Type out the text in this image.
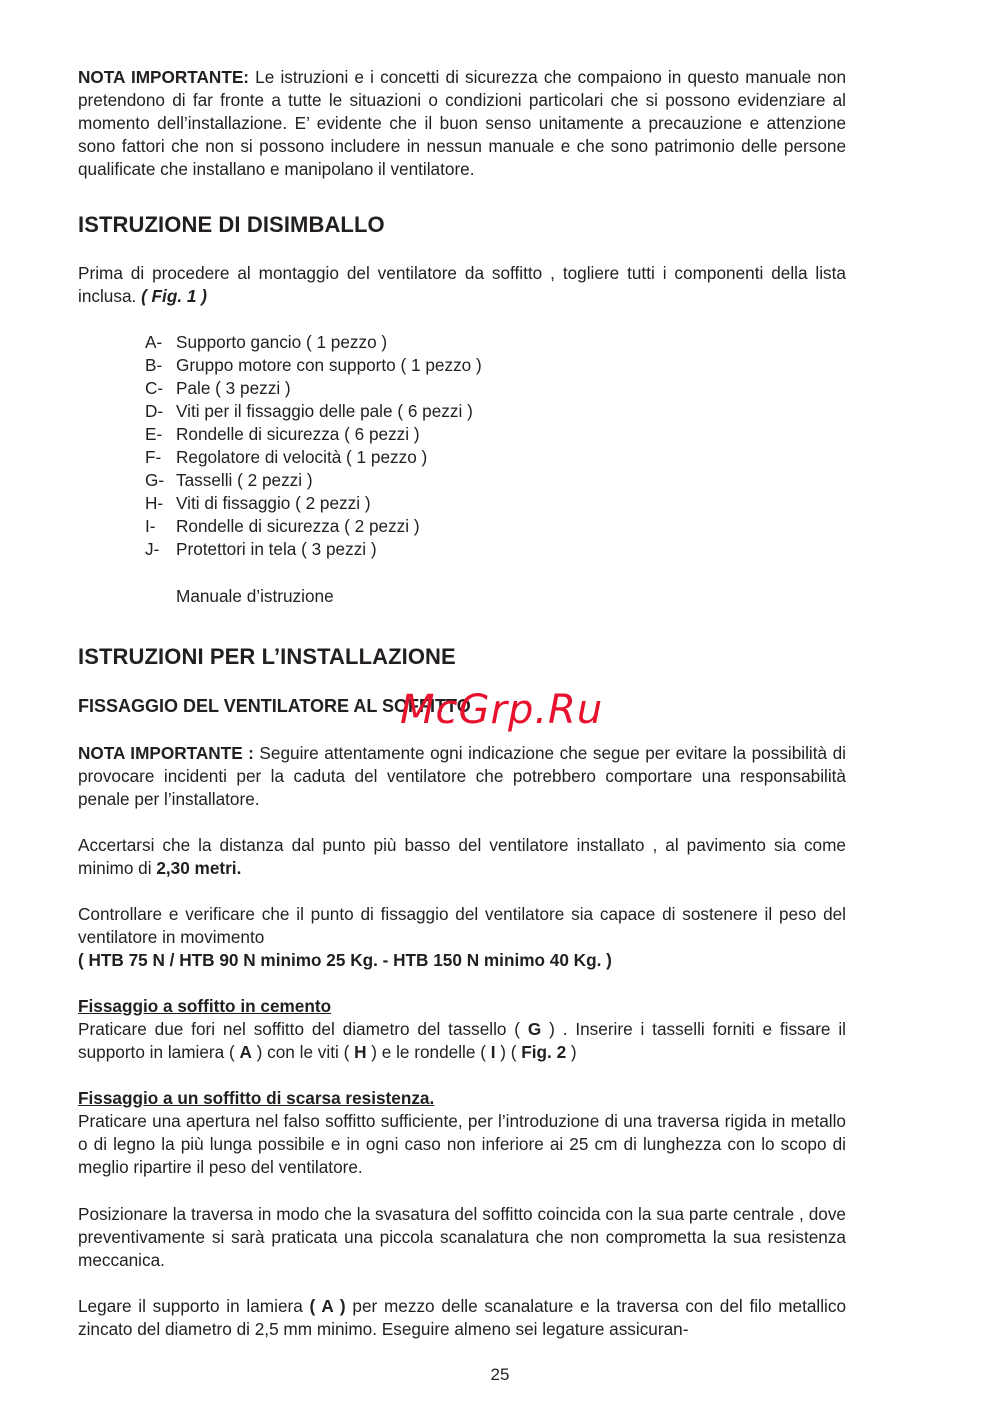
NOTA IMPORTANTE: Le istruzioni e i concetti di sicurezza che compaiono in questo manuale non pretendono di far fronte a tutte le situazioni o condizioni particolari che si possono evidenziare al momento dell’installazione. E’ evidente che il buon senso unitamente a precauzione e attenzione sono fattori che non si possono includere in nessun manuale e che sono patrimonio delle persone qualificate che installano e manipolano il ventilatore.

ISTRUZIONE DI DISIMBALLO

Prima di procedere al montaggio del ventilatore da soffitto , togliere tutti i componenti della lista inclusa. ( Fig. 1 )

A- Supporto gancio ( 1 pezzo )
B- Gruppo motore con supporto ( 1 pezzo )
C- Pale ( 3 pezzi )
D- Viti per il fissaggio delle pale ( 6 pezzi )
E- Rondelle di sicurezza ( 6 pezzi )
F- Regolatore di velocità ( 1 pezzo )
G- Tasselli ( 2 pezzi )
H- Viti di fissaggio ( 2 pezzi )
I-	Rondelle di sicurezza ( 2 pezzi )
J- Protettori in tela ( 3 pezzi )
Manuale d’istruzione
ISTRUZIONI PER L’INSTALLAZIONE
FISSAGGIO DEL VENTILATORE AL SOFFITTO

NOTA IMPORTANTE : Seguire attentamente ogni indicazione che segue per evitare la possibilità di provocare incidenti per la caduta del ventilatore che potrebbero comportare una responsabilità penale per l’installatore.

Accertarsi che la distanza dal punto più basso del ventilatore installato , al pavimento sia come minimo di 2,30 metri.

Controllare e verificare che il punto di fissaggio del ventilatore sia capace di sostenere il peso del ventilatore in movimento

( HTB 75 N / HTB 90 N minimo 25 Kg. - HTB 150 N minimo 40 Kg. )

Fissaggio a soffitto in cemento

Praticare due fori nel soffitto del diametro del tassello ( G ) . Inserire i tasselli forniti e fissare il supporto in lamiera ( A ) con le viti ( H ) e le rondelle ( I ) ( Fig. 2 )

Fissaggio a un soffitto di scarsa resistenza.

Praticare una apertura nel falso soffitto sufficiente, per l’introduzione di una traversa rigida in metallo o di legno la più lunga possibile e in ogni caso non inferiore ai 25 cm di lunghezza con lo scopo di meglio ripartire il peso del ventilatore.

Posizionare la traversa in modo che la svasatura del soffitto coincida con la sua parte centrale , dove preventivamente si sarà praticata una piccola scanalatura che non comprometta la sua resistenza meccanica.

Legare il supporto in lamiera ( A ) per mezzo delle scanalature e la traversa con del filo metallico zincato del diametro di 2,5 mm minimo. Eseguire almeno sei legature assicuran-

25
McGrp.Ru
